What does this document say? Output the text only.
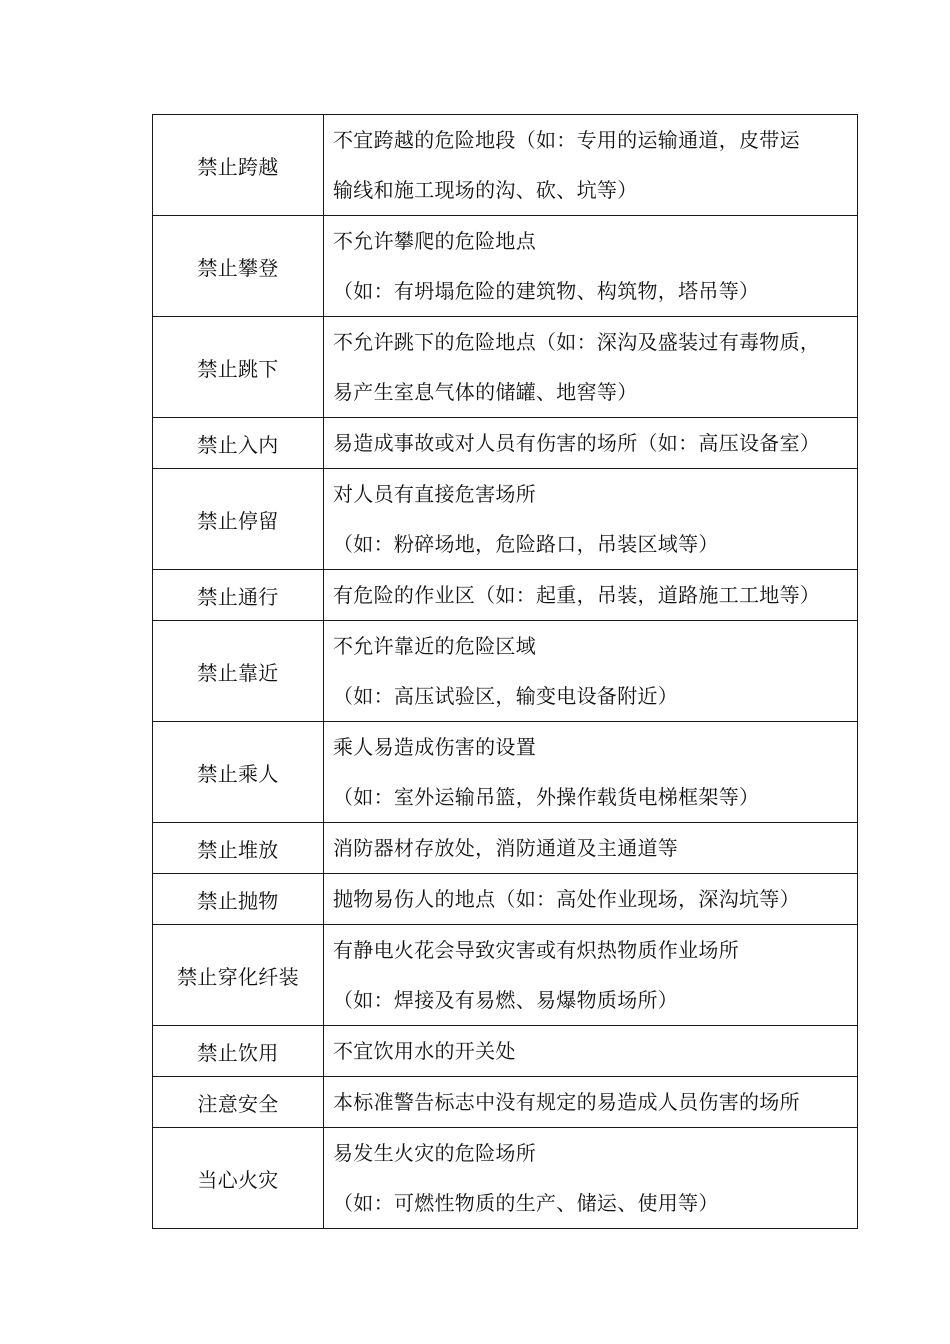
禁止跨越	不宜跨越的危险地段（如：专用的运输通道，皮带运
输线和施工现场的沟、砍、坑等）

禁止攀登	不允许攀爬的危险地点
（如：有坍塌危险的建筑物、构筑物，塔吊等）

禁止跳下	不允许跳下的危险地点（如：深沟及盛装过有毒物质，
易产生室息气体的储罐、地窖等）

禁止入内	易造成事故或对人员有伤害的场所（如：高压设备室）

禁止停留	对人员有直接危害场所
（如：粉碎场地，危险路口，吊装区域等）

禁止通行	有危险的作业区（如：起重，吊装，道路施工工地等）

禁止靠近	不允许靠近的危险区域
（如：高压试验区，输变电设备附近）

禁止乘人	乘人易造成伤害的设置
（如：室外运输吊篮，外操作载货电梯框架等）

禁止堆放	消防器材存放处，消防通道及主通道等

禁止抛物	抛物易伤人的地点（如：高处作业现场，深沟坑等）

禁止穿化纤装	有静电火花会导致灾害或有炽热物质作业场所
（如：焊接及有易燃、易爆物质场所）

禁止饮用	不宜饮用水的开关处

注意安全	本标准警告标志中没有规定的易造成人员伤害的场所

当心火灾	易发生火灾的危险场所
（如：可燃性物质的生产、储运、使用等）
